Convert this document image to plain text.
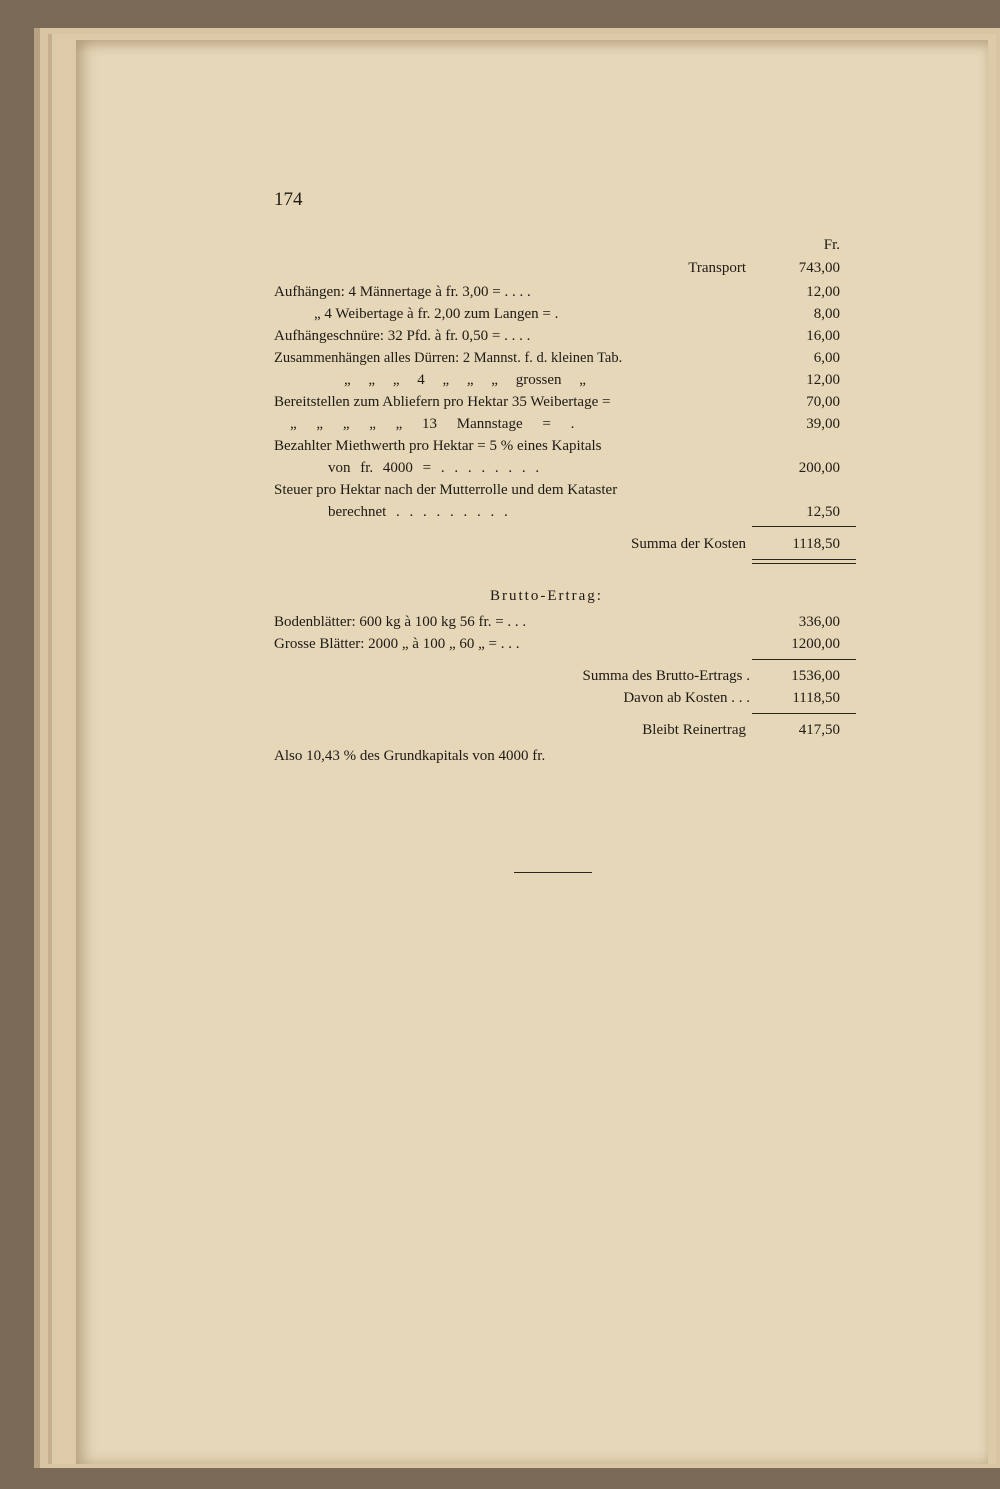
174
Fr.
Transport	743,00
Aufhängen: 4 Männertage à fr. 3,00 = . . . .	12,00
„ 4 Weibertage à fr. 2,00 zum Langen = .	8,00
Aufhängeschnüre: 32 Pfd. à fr. 0,50 = . . . .	16,00
Zusammenhängen alles Dürren: 2 Mannst. f. d. kleinen Tab.	6,00
„ „ „ 4 „ „ „ grossen „	12,00
Bereitstellen zum Abliefern pro Hektar 35 Weibertage =	70,00
„ „ „ „ „ 13 Mannstage = .	39,00
Bezahlter Miethwerth pro Hektar = 5 % eines Kapitals
von fr. 4000 = . . . . . . . .	200,00
Steuer pro Hektar nach der Mutterrolle und dem Kataster
berechnet . . . . . . . . .	12,50
Summa der Kosten	1118,50
Brutto-Ertrag:
Bodenblätter: 600 kg à 100 kg 56 fr. = . . .	336,00
Grosse Blätter: 2000 „ à 100 „ 60 „ = . . .	1200,00
Summa des Brutto-Ertrags .	1536,00
Davon ab Kosten . . .	1118,50
Bleibt Reinertrag	417,50
Also 10,43 % des Grundkapitals von 4000 fr.
